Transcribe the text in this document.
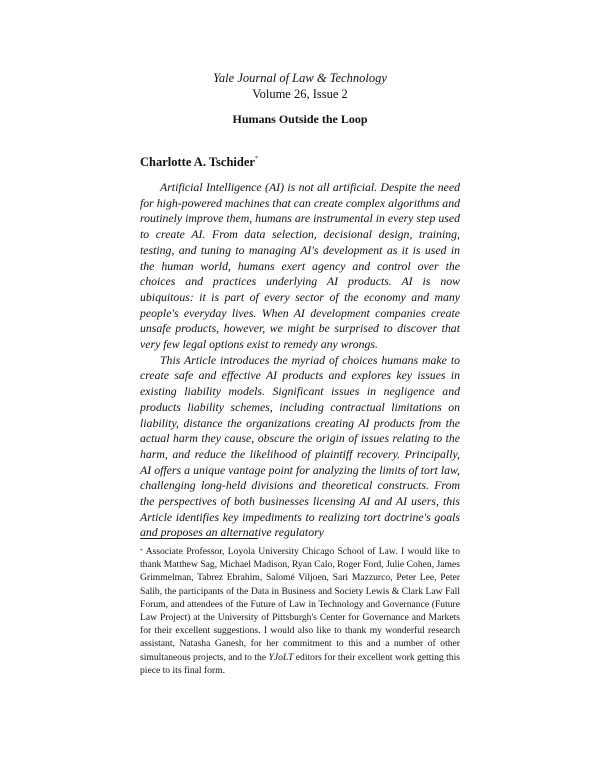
Yale Journal of Law & Technology
Volume 26, Issue 2
Humans Outside the Loop
Charlotte A. Tschider*

Artificial Intelligence (AI) is not all artificial. Despite the need for high-powered machines that can create complex algorithms and routinely improve them, humans are instrumental in every step used to create AI. From data selection, decisional design, training, testing, and tuning to managing AI's development as it is used in the human world, humans exert agency and control over the choices and practices underlying AI products. AI is now ubiquitous: it is part of every sector of the economy and many people's everyday lives. When AI development companies create unsafe products, however, we might be surprised to discover that very few legal options exist to remedy any wrongs.

This Article introduces the myriad of choices humans make to create safe and effective AI products and explores key issues in existing liability models. Significant issues in negligence and products liability schemes, including contractual limitations on liability, distance the organizations creating AI products from the actual harm they cause, obscure the origin of issues relating to the harm, and reduce the likelihood of plaintiff recovery. Principally, AI offers a unique vantage point for analyzing the limits of tort law, challenging long-held divisions and theoretical constructs. From the perspectives of both businesses licensing AI and AI users, this Article identifies key impediments to realizing tort doctrine's goals and proposes an alternative regulatory

* Associate Professor, Loyola University Chicago School of Law. I would like to thank Matthew Sag, Michael Madison, Ryan Calo, Roger Ford, Julie Cohen, James Grimmelman, Tabrez Ebrahim, Salomé Viljoen, Sari Mazzurco, Peter Lee, Peter Salib, the participants of the Data in Business and Society Lewis & Clark Law Fall Forum, and attendees of the Future of Law in Technology and Governance (Future Law Project) at the University of Pittsburgh's Center for Governance and Markets for their excellent suggestions. I would also like to thank my wonderful research assistant, Natasha Ganesh, for her commitment to this and a number of other simultaneous projects, and to the YJoLT editors for their excellent work getting this piece to its final form.
